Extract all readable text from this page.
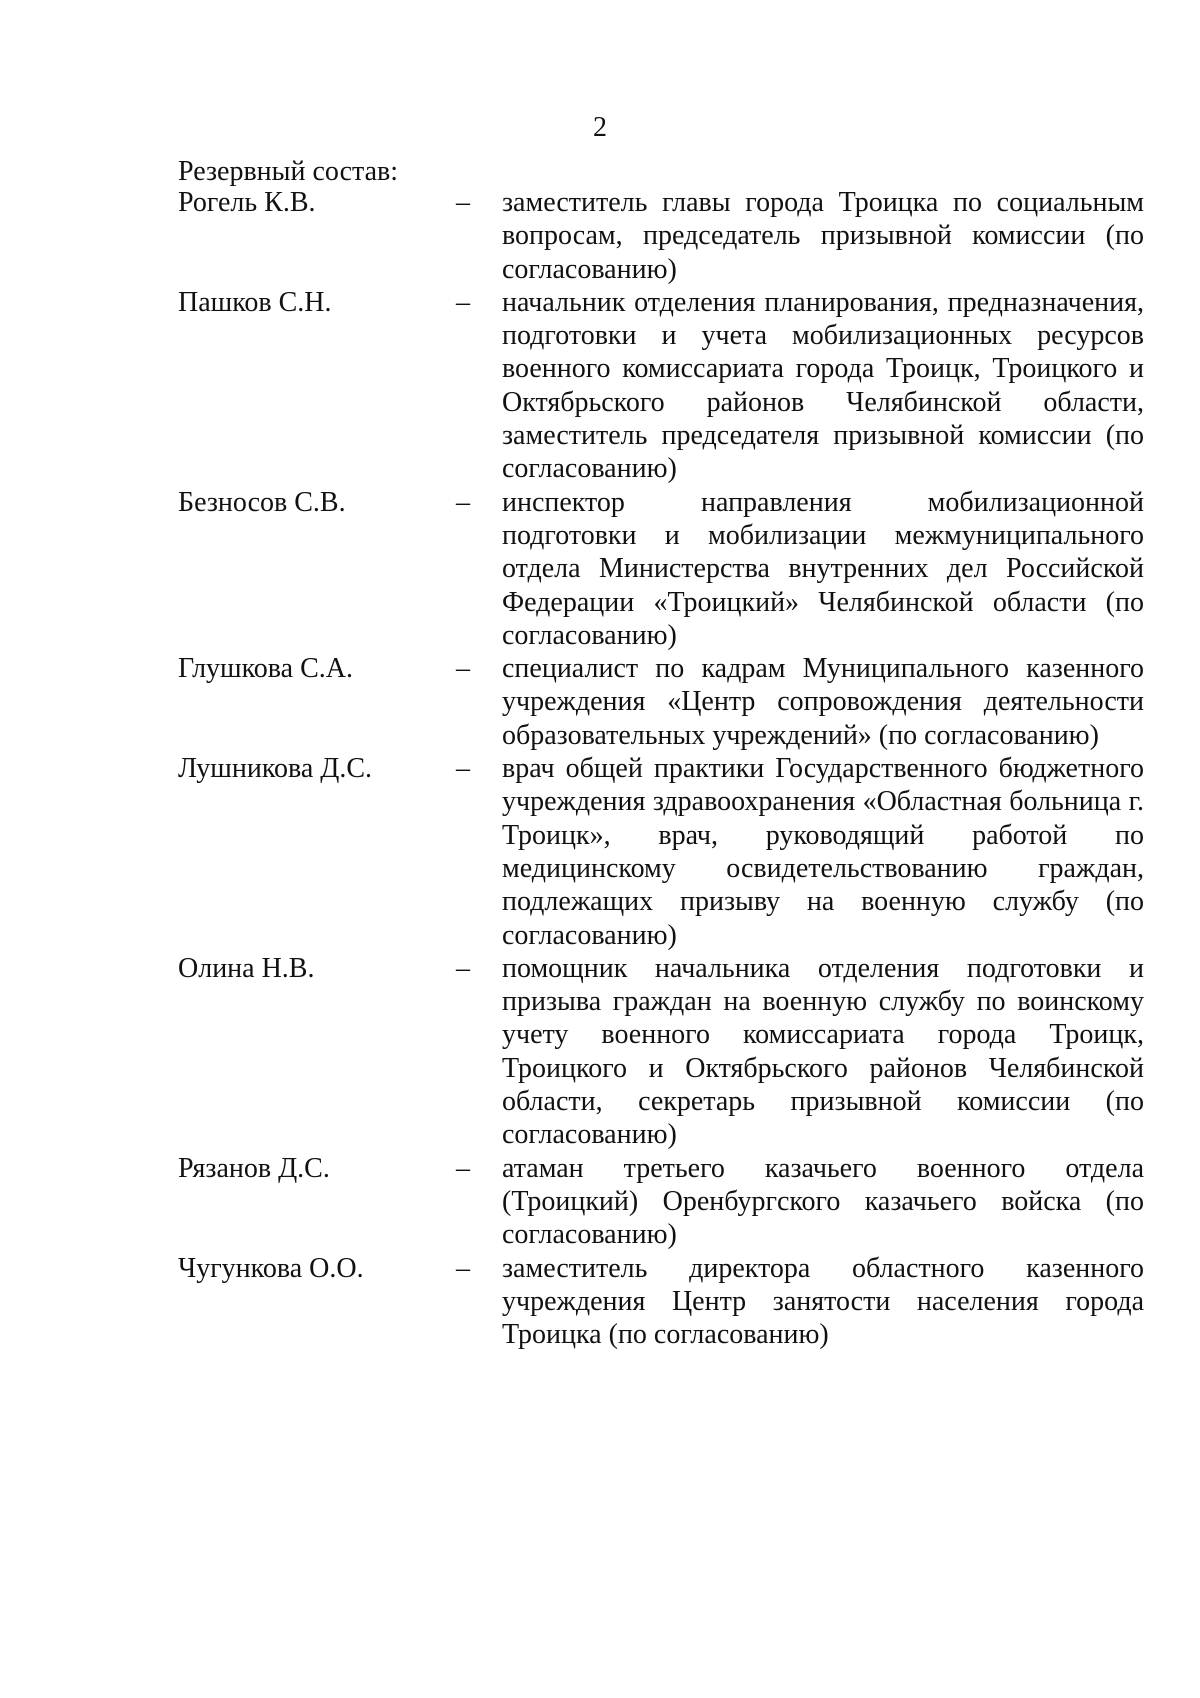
2
Резервный состав:
Рогель К.В.	–	заместитель главы города Троицка по социальным вопросам, председатель призывной комиссии (по согласованию)
Пашков С.Н.	–	начальник отделения планирования, предназначения, подготовки и учета мобилизационных ресурсов военного комиссариата города Троицк, Троицкого и Октябрьского районов Челябинской области, заместитель председателя призывной комиссии (по согласованию)
Безносов С.В.	–	инспектор направления мобилизационной подготовки и мобилизации межмуниципального отдела Министерства внутренних дел Российской Федерации «Троицкий» Челябинской области (по согласованию)
Глушкова С.А.	–	специалист по кадрам Муниципального казенного учреждения «Центр сопровождения деятельности образовательных учреждений» (по согласованию)
Лушникова Д.С.	–	врач общей практики Государственного бюджетного учреждения здравоохранения «Областная больница г. Троицк», врач, руководящий работой по медицинскому освидетельствованию граждан, подлежащих призыву на военную службу (по согласованию)
Олина Н.В.	–	помощник начальника отделения подготовки и призыва граждан на военную службу по воинскому учету военного комиссариата города Троицк, Троицкого и Октябрьского районов Челябинской области, секретарь призывной комиссии (по согласованию)
Рязанов Д.С.	–	атаман третьего казачьего военного отдела (Троицкий) Оренбургского казачьего войска (по согласованию)
Чугункова О.О.	–	заместитель директора областного казенного учреждения Центр занятости населения города Троицка (по согласованию)
